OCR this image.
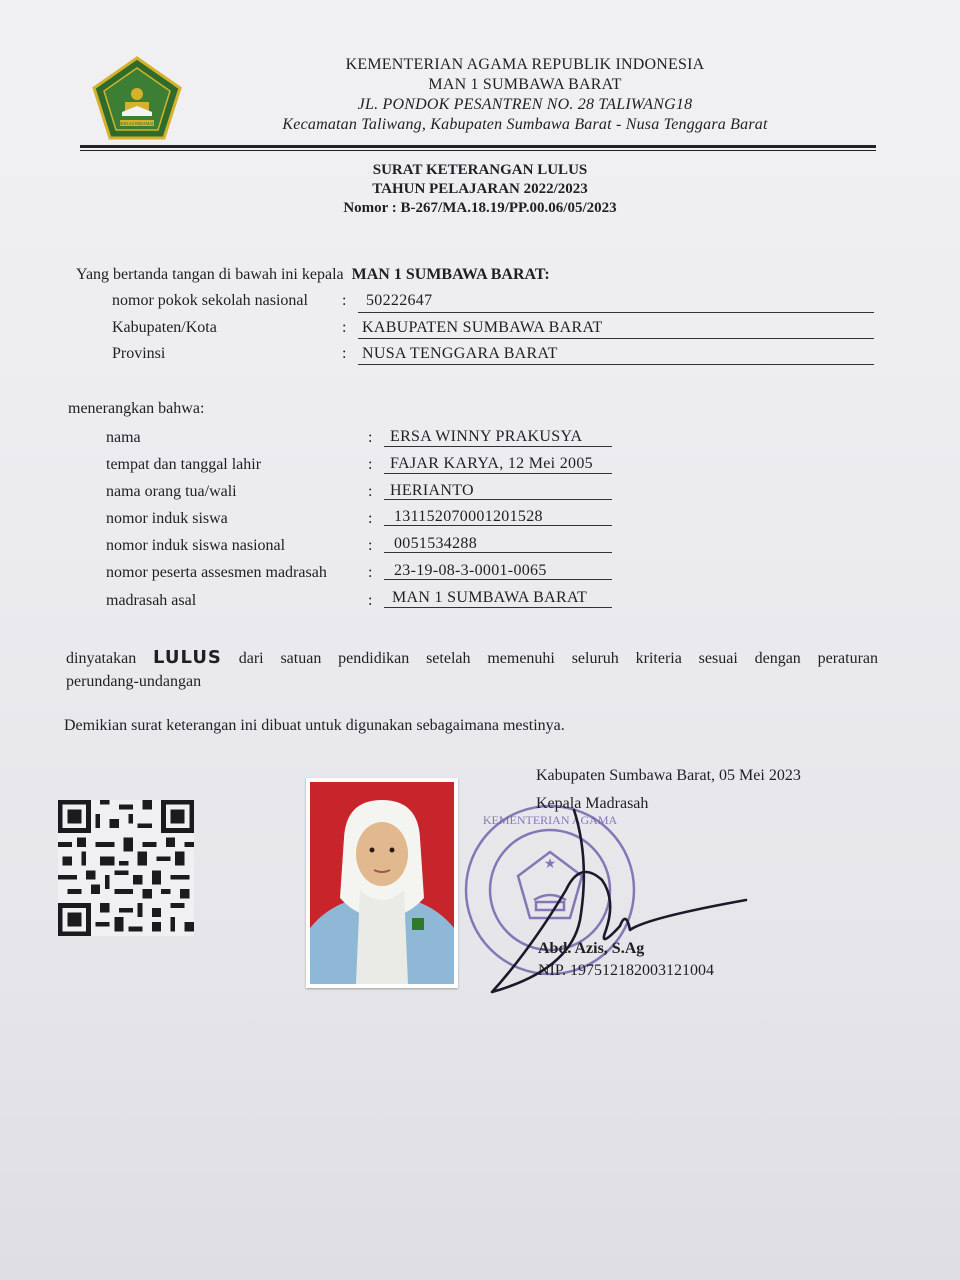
IKHLAS BERAMAL
KEMENTERIAN AGAMA REPUBLIK INDONESIA
MAN 1 SUMBAWA BARAT
JL. PONDOK PESANTREN NO. 28 TALIWANG18
Kecamatan Taliwang, Kabupaten Sumbawa Barat - Nusa Tenggara Barat
SURAT KETERANGAN LULUS
TAHUN PELAJARAN 2022/2023
Nomor : B-267/MA.18.19/PP.00.06/05/2023
Yang bertanda tangan di bawah ini kepala MAN 1 SUMBAWA BARAT:
nomor pokok sekolah nasional : 50222647
Kabupaten/Kota	: KABUPATEN SUMBAWA BARAT
Provinsi	: NUSA TENGGARA BARAT
menerangkan bahwa:
nama	: ERSA WINNY PRAKUSYA
tempat dan tanggal lahir	: FAJAR KARYA, 12 Mei 2005
nama orang tua/wali	: HERIANTO
nomor induk siswa	: 131152070001201528
nomor induk siswa nasional	: 0051534288
nomor peserta assesmen madrasah	: 23-19-08-3-0001-0065
madrasah asal	: MAN 1 SUMBAWA BARAT
dinyatakan LULUS dari satuan pendidikan setelah memenuhi seluruh kriteria sesuai dengan peraturan
perundang-undangan
Demikian surat keterangan ini dibuat untuk digunakan sebagaimana mestinya.
KEMENTERIAN AGAMA
★
Kabupaten Sumbawa Barat, 05 Mei 2023
Kepala Madrasah
Abd. Azis, S.Ag
NIP. 197512182003121004
